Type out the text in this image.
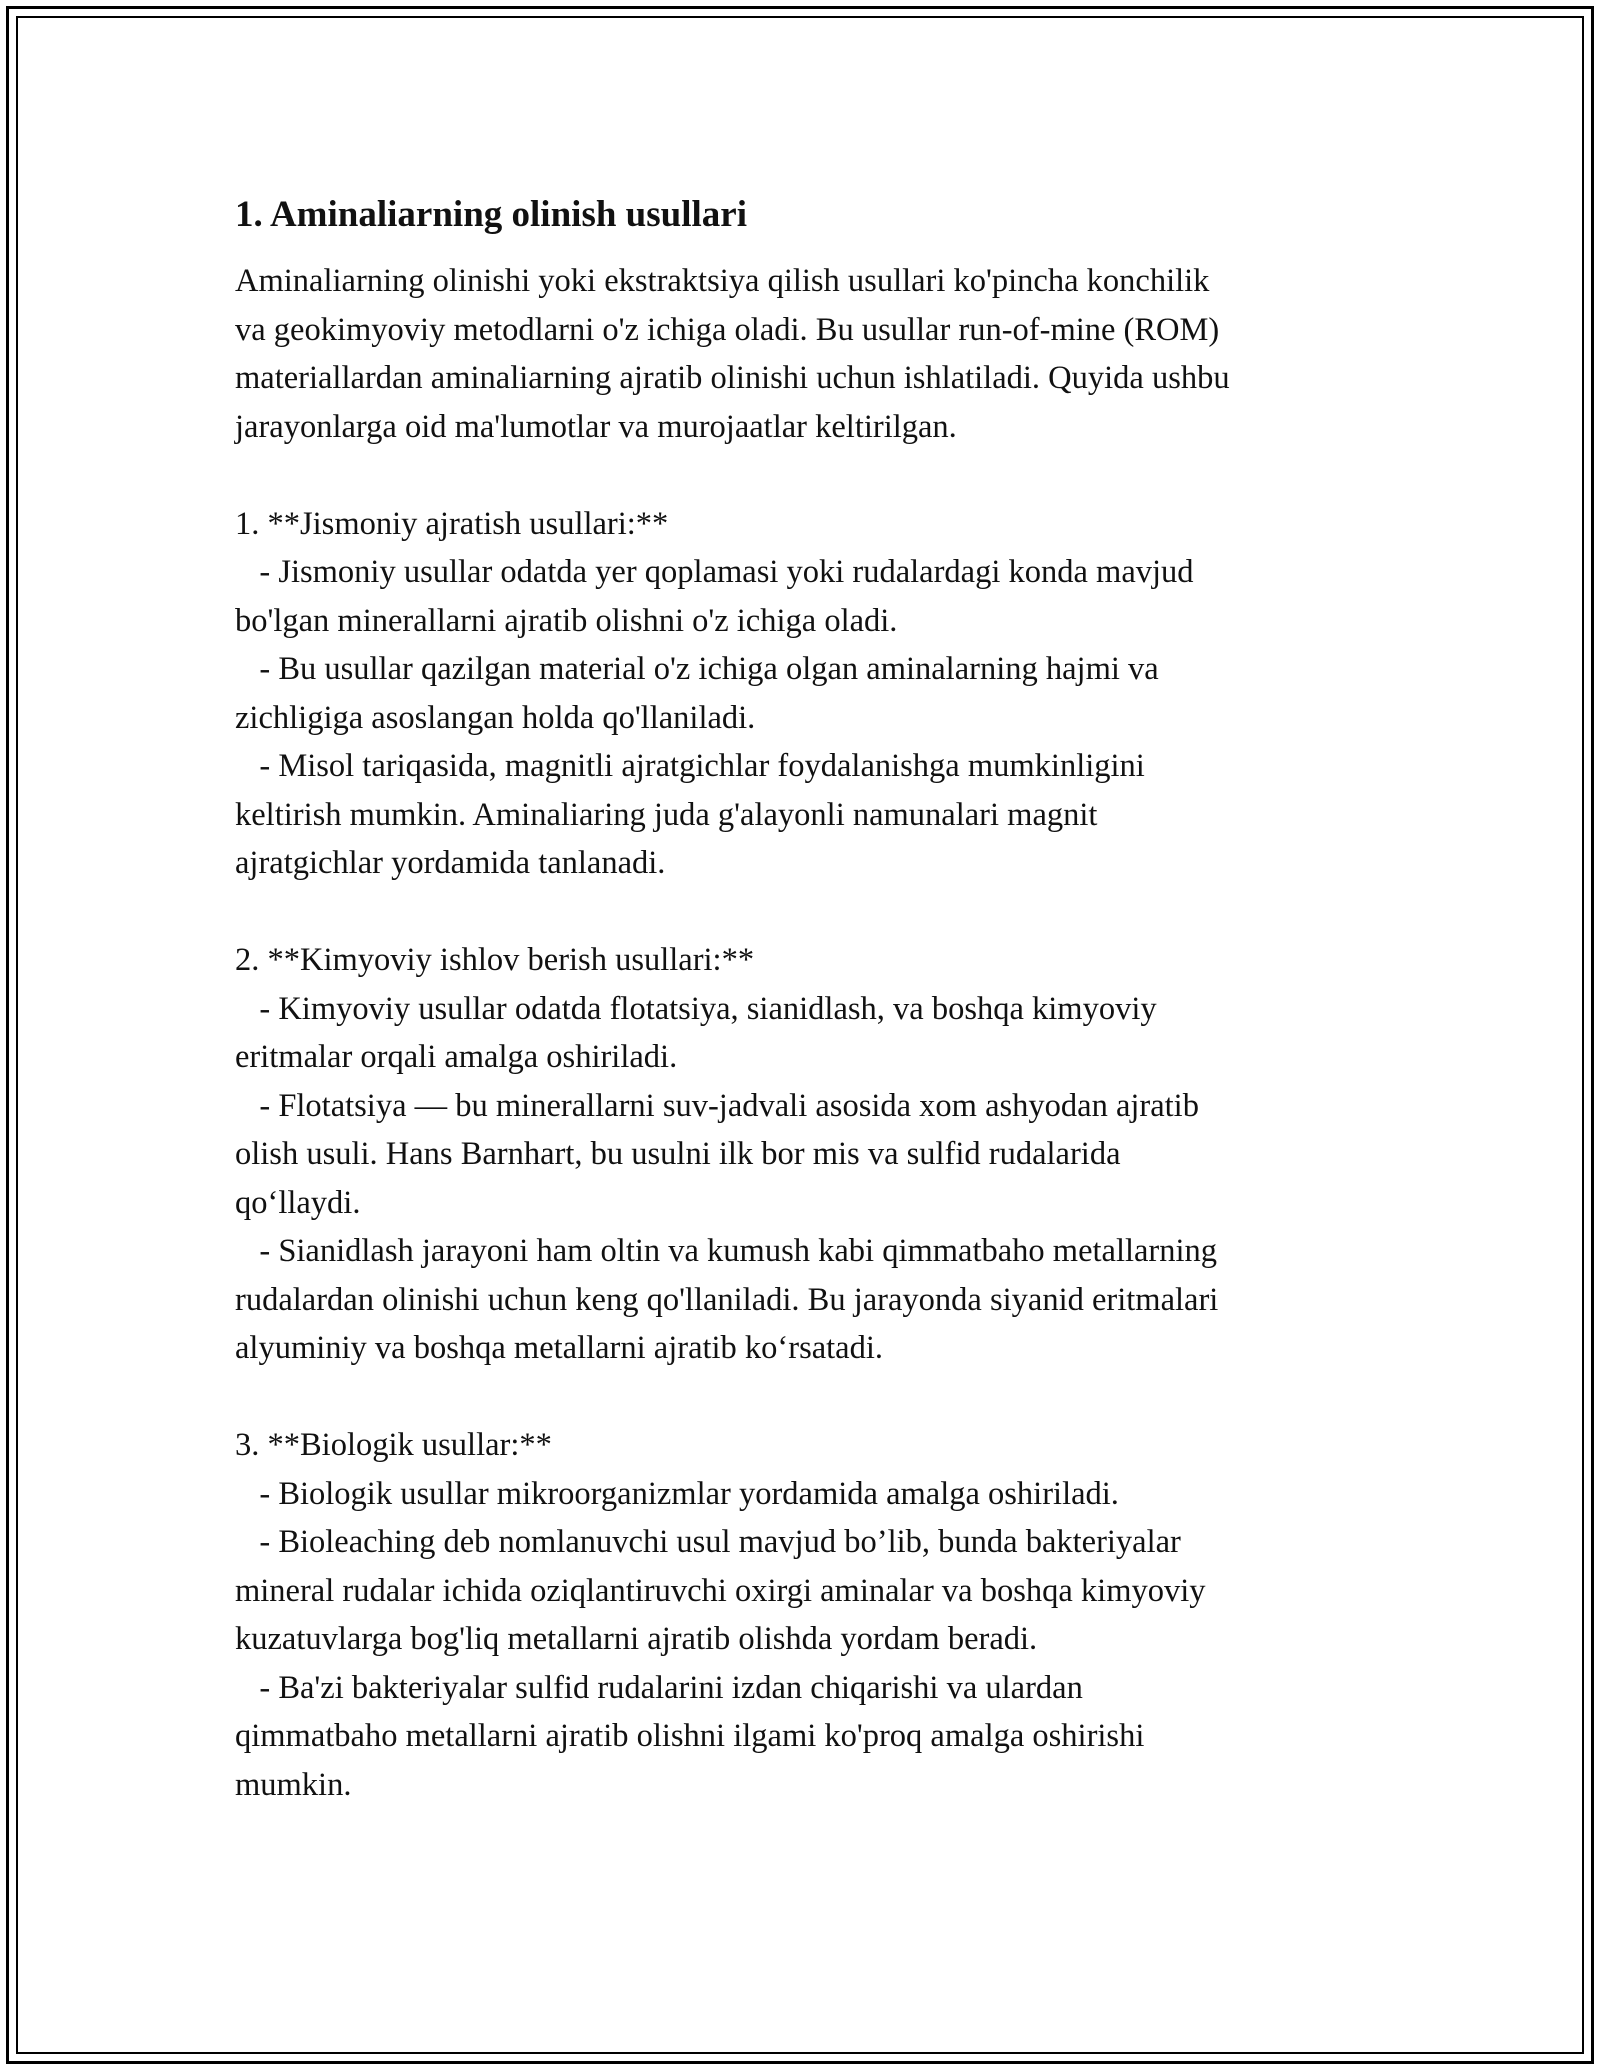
1. Aminaliarning olinish usullari

Aminaliarning olinishi yoki ekstraktsiya qilish usullari ko'pincha konchilik

va geokimyoviy metodlarni o'z ichiga oladi. Bu usullar run-of-mine (ROM)

materiallardan aminaliarning ajratib olinishi uchun ishlatiladi. Quyida ushbu

jarayonlarga oid ma'lumotlar va murojaatlar keltirilgan.

1. **Jismoniy ajratish usullari:**

- Jismoniy usullar odatda yer qoplamasi yoki rudalardagi konda mavjud

bo'lgan minerallarni ajratib olishni o'z ichiga oladi.

- Bu usullar qazilgan material o'z ichiga olgan aminalarning hajmi va

zichligiga asoslangan holda qo'llaniladi.

- Misol tariqasida, magnitli ajratgichlar foydalanishga mumkinligini

keltirish mumkin. Aminaliaring juda g'alayonli namunalari magnit

ajratgichlar yordamida tanlanadi.

2. **Kimyoviy ishlov berish usullari:**

- Kimyoviy usullar odatda flotatsiya, sianidlash, va boshqa kimyoviy

eritmalar orqali amalga oshiriladi.

- Flotatsiya — bu minerallarni suv-jadvali asosida xom ashyodan ajratib

olish usuli. Hans Barnhart, bu usulni ilk bor mis va sulfid rudalarida

qo‘llaydi.

- Sianidlash jarayoni ham oltin va kumush kabi qimmatbaho metallarning

rudalardan olinishi uchun keng qo'llaniladi. Bu jarayonda siyanid eritmalari

alyuminiy va boshqa metallarni ajratib ko‘rsatadi.

3. **Biologik usullar:**

- Biologik usullar mikroorganizmlar yordamida amalga oshiriladi.

- Bioleaching deb nomlanuvchi usul mavjud bo’lib, bunda bakteriyalar

mineral rudalar ichida oziqlantiruvchi oxirgi aminalar va boshqa kimyoviy

kuzatuvlarga bog'liq metallarni ajratib olishda yordam beradi.

- Ba'zi bakteriyalar sulfid rudalarini izdan chiqarishi va ulardan

qimmatbaho metallarni ajratib olishni ilgami ko'proq amalga oshirishi

mumkin.
